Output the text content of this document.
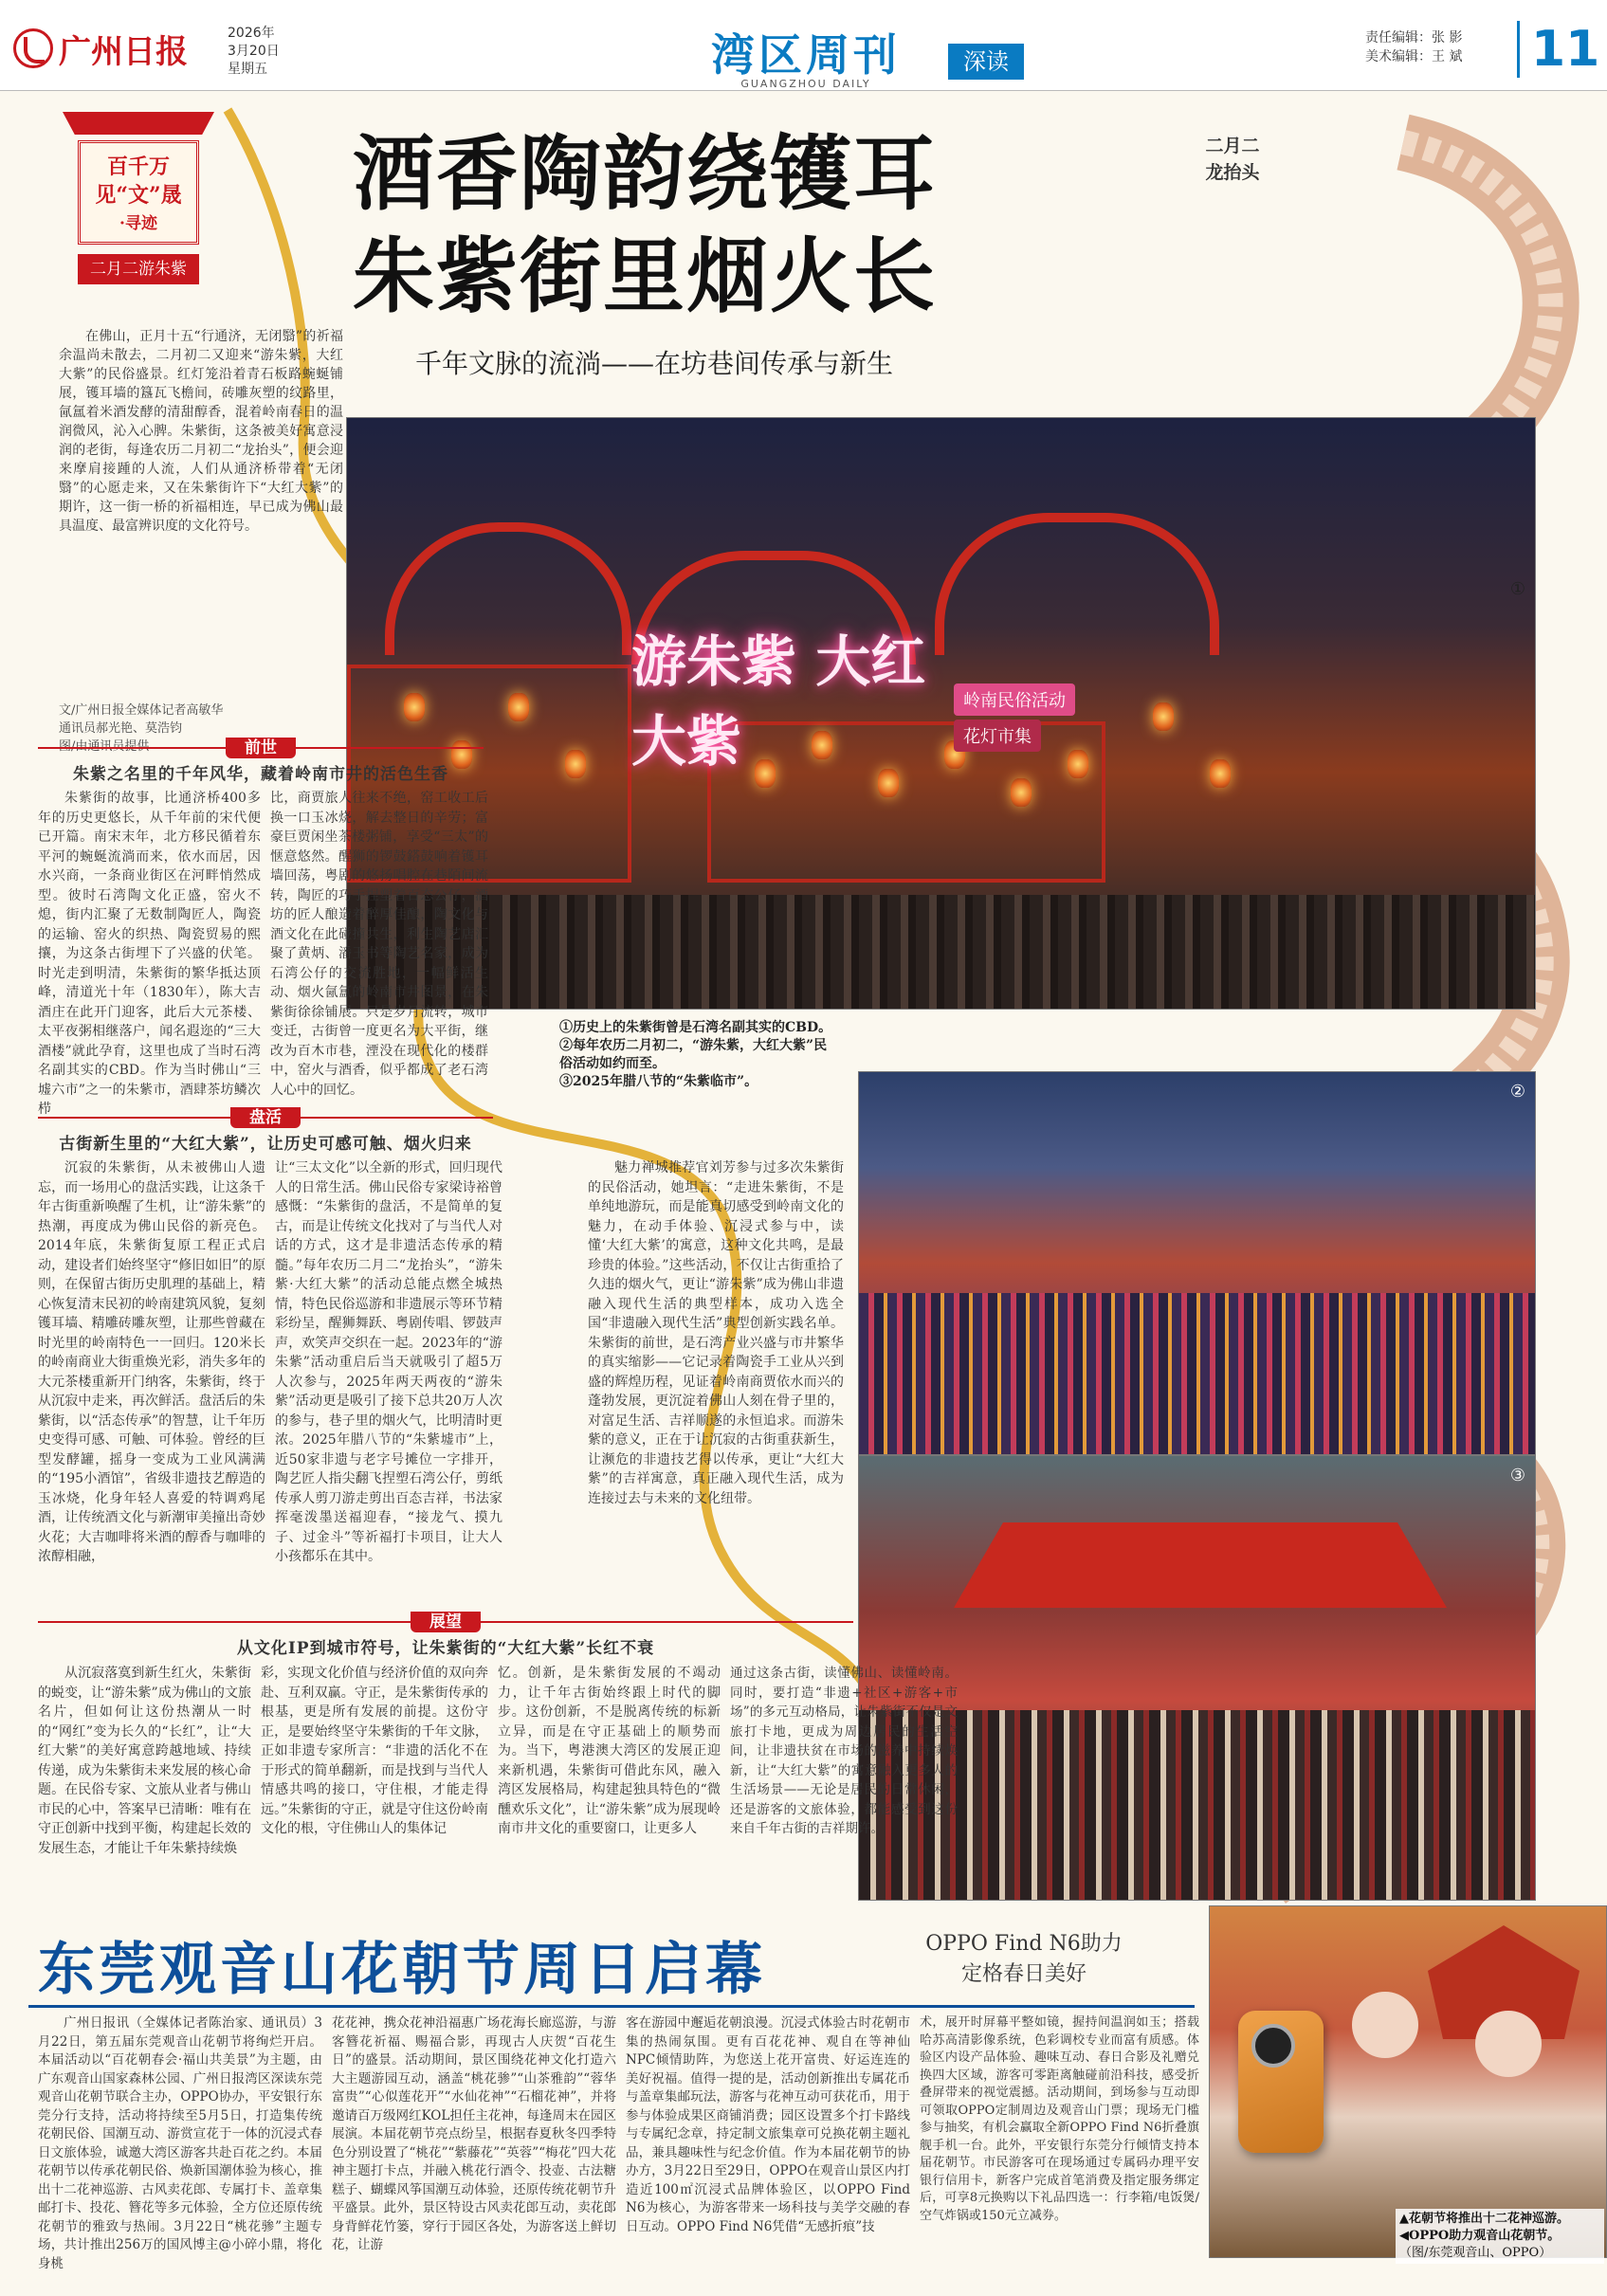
广州日报	2026年
3月20日
星期五	湾区周刊	深读
GUANGZHOU DAILY
责任编辑：张 影
美术编辑：王 斌	11
百千万
见“文”晟
·寻迹
二月二游朱紫
酒香陶韵绕镬耳
朱紫街里烟火长
千年文脉的流淌——在坊巷间传承与新生
二月二龙抬头
在佛山，正月十五“行通济，无闭翳”的祈福余温尚未散去，二月初二又迎来“游朱紫，大红大紫”的民俗盛景。红灯笼沿着青石板路蜿蜒铺展，镬耳墙的簋瓦飞檐间，砖雕灰塑的纹路里，氤氲着米酒发酵的清甜醇香，混着岭南春日的温润微风，沁入心脾。朱紫街，这条被美好寓意浸润的老街，每逢农历二月初二“龙抬头”，便会迎来摩肩接踵的人流，人们从通济桥带着“无闭翳”的心愿走来，又在朱紫街许下“大红大紫”的期许，这一街一桥的祈福相连，早已成为佛山最具温度、最富辨识度的文化符号。
文/广州日报全媒体记者高敏华
通讯员郝光艳、莫浩钧
游朱紫 大红大紫
岭南民俗活动
花灯市集
①
①历史上的朱紫街曾是石湾名副其实的CBD。
②每年农历二月初二，“游朱紫，大红大紫”民俗活动如约而至。
③2025年腊八节的“朱紫临市”。	②
③
前世
朱紫之名里的千年风华，藏着岭南市井的活色生香

朱紫街的故事，比通济桥400多年的历史更悠长，从千年前的宋代便已开篇。南宋末年，北方移民循着东平河的蜿蜒流淌而来，依水而居，因水兴商，一条商业街区在河畔悄然成型。彼时石湾陶文化正盛，窑火不熄，街内汇聚了无数制陶匠人，陶瓷的运输、窑火的织热、陶瓷贸易的熙攘，为这条古街埋下了兴盛的伏笔。时光走到明清，朱紫街的繁华抵达顶峰，清道光十年（1830年），陈大吉酒庄在此开门迎客，此后大元茶楼、太平夜粥相继落户，闻名遐迩的“三大酒楼”就此孕育，这里也成了当时石湾名副其实的CBD。作为当时佛山“三墟六市”之一的朱紫市，酒肆茶坊鳞次栉

比，商贾旅人往来不绝，窑工收工后换一口玉冰烧，解去整日的辛劳；富豪巨贾闲坐茶楼粥铺，享受“三太”的惬意悠然。醒狮的锣鼓鎝鼓响着镬耳墙回荡，粤剧的悠扬唱腔在巷陌间流转，陶匠的巧手捏塑着百态公仔，酒坊的匠人酿造着醉厚佳酿，陶文化与酒文化在此碰撞共生，利生陶艺店汇聚了黄炳、潘玉书等陶艺名家，成为石湾公仔的交流胜地，一幅鲜活生动、烟火氤氲的岭南市井图景，在朱紫街徐徐铺展。只是岁月流转，城市变迁，古街曾一度更名为大平街，继改为百木市巷，湮没在现代化的楼群中，窑火与酒香，似乎都成了老石湾人心中的回忆。

盘活
古街新生里的“大红大紫”，让历史可感可触、烟火归来

沉寂的朱紫街，从未被佛山人遗忘，而一场用心的盘活实践，让这条千年古街重新唤醒了生机，让“游朱紫”的热潮，再度成为佛山民俗的新亮色。2014年底，朱紫街复原工程正式启动，建设者们始终坚守“修旧如旧”的原则，在保留古街历史肌理的基础上，精心恢复清末民初的岭南建筑风貌，复刻镬耳墙、精雕砖雕灰塑，让那些曾藏在时光里的岭南特色一一回归。120米长的岭南商业大街重焕光彩，消失多年的大元茶楼重新开门纳客，朱紫街，终于从沉寂中走来，再次鲜活。盘活后的朱紫街，以“活态传承”的智慧，让千年历史变得可感、可触、可体验。曾经的巨型发酵罐，摇身一变成为工业风满满的“195小酒馆”，省级非遗技艺醇造的玉冰烧，化身年轻人喜爱的特调鸡尾酒，让传统酒文化与新潮审美撞出奇妙火花；大吉咖啡将米酒的醇香与咖啡的浓醇相融，

让“三太文化”以全新的形式，回归现代人的日常生活。佛山民俗专家梁诗裕曾感慨：“朱紫街的盘活，不是简单的复古，而是让传统文化找对了与当代人对话的方式，这才是非遗活态传承的精髓。”每年农历二月二“龙抬头”，“游朱紫·大红大紫”的活动总能点燃全城热情，特色民俗巡游和非遗展示等环节精彩纷呈，醒狮舞跃、粤剧传唱、锣鼓声声，欢笑声交织在一起。2023年的“游朱紫”活动重启后当天就吸引了超5万人次参与，2025年两天两夜的“游朱紫”活动更是吸引了接下总共20万人次的参与，巷子里的烟火气，比明清时更浓。2025年腊八节的“朱紫墟市”上，近50家非遗与老字号摊位一字排开，陶艺匠人指尖翻飞捏塑石湾公仔，剪纸传承人剪刀游走剪出百态吉祥，书法家挥毫泼墨送福迎春，“接龙气、摸九子、过金斗”等祈福打卡项目，让大人小孩都乐在其中。

魅力禅城推荐官刘芳参与过多次朱紫街的民俗活动，她坦言：“走进朱紫街，不是单纯地游玩，而是能真切感受到岭南文化的魅力，在动手体验、沉浸式参与中，读懂‘大红大紫’的寓意，这种文化共鸣，是最珍贵的体验。”这些活动，不仅让古街重拾了久违的烟火气，更让“游朱紫”成为佛山非遗融入现代生活的典型样本，成功入选全国“非遗融入现代生活”典型创新实践名单。朱紫街的前世，是石湾产业兴盛与市井繁华的真实缩影——它记录着陶瓷手工业从兴到盛的辉煌历程，见证着岭南商贾依水而兴的蓬勃发展，更沉淀着佛山人刻在骨子里的，对富足生活、吉祥顺遂的永恒追求。而游朱紫的意义，正在于让沉寂的古街重获新生，让濒危的非遗技艺得以传承，更让“大红大紫”的吉祥寓意，真正融入现代生活，成为连接过去与未来的文化纽带。

展望
从文化IP到城市符号，让朱紫街的“大红大紫”长红不衰

从沉寂落寞到新生红火，朱紫街的蜕变，让“游朱紫”成为佛山的文旅名片，但如何让这份热潮从一时的“网红”变为长久的“长红”，让“大红大紫”的美好寓意跨越地域、持续传递，成为朱紫街未来发展的核心命题。在民俗专家、文旅从业者与佛山市民的心中，答案早已清晰：唯有在守正创新中找到平衡，构建起长效的发展生态，才能让千年朱紫持续焕

彩，实现文化价值与经济价值的双向奔赴、互利双赢。守正，是朱紫街传承的根基，更是所有发展的前提。这份守正，是要始终坚守朱紫街的千年文脉，正如非遗专家所言：“非遗的活化不在于形式的简单翻新，而是找到与当代人情感共鸣的接口，守住根，才能走得远。”朱紫街的守正，就是守住这份岭南文化的根，守住佛山人的集体记

忆。创新，是朱紫街发展的不竭动力，让千年古街始终跟上时代的脚步。这份创新，不是脱离传统的标新立异，而是在守正基础上的顺势而为。当下，粤港澳大湾区的发展正迎来新机遇，朱紫街可借此东风，融入湾区发展格局，构建起独具特色的“微醺欢乐文化”，让“游朱紫”成为展现岭南市井文化的重要窗口，让更多人

通过这条古街，读懂佛山、读懂岭南。同时，要打造“非遗+社区+游客+市场”的多元互动格局，让朱紫街不仅是文旅打卡地，更成为周边居民的生活空间，让非遗扶贫在市场的滋养中持续焕新，让“大红大紫”的寓意融入更多人的生活场景——无论是居民的日常休闲，还是游客的文旅体验，都能感受到这份来自千年古街的吉祥期许。

东莞观音山花朝节周日启幕	OPPO Find N6助力
定格春日美好

广州日报讯（全媒体记者陈治家、通讯员）3月22日，第五届东莞观音山花朝节将绚烂开启。本届活动以“百花朝春会·福山共美景”为主题，由广东观音山国家森林公园、广州日报湾区深读东莞观音山花朝节联合主办，OPPO协办，平安银行东莞分行支持，活动将持续至5月5日，打造集传统花朝民俗、国潮互动、游赏宣花于一体的沉浸式春日文旅体验，诚邀大湾区游客共赴百花之约。本届花朝节以传承花朝民俗、焕新国潮体验为核心，推出十二花神巡游、古风卖花郎、专属打卡、盖章集邮打卡、投花、簪花等多元体验，全方位还原传统花朝节的雅致与热闹。3月22日“桃花骖”主题专场，共计推出256万的国风博主@小碎小鼎，将化身桃

花花神，携众花神沿福惠广场花海长廊巡游，与游客簪花祈福、赐福合影，再现古人庆贺“百花生日”的盛景。活动期间，景区围绕花神文化打造六大主题游园互动，涵盖“桃花骖”“山茶雅韵”“蓉华富贵”“心似莲花开”“水仙花神”“石榴花神”，并将邀请百万级网红KOL担任主花神，每逢周末在园区展演。本届花朝节亮点纷呈，根据春夏秋冬四季特色分别设置了“桃花”“紫藤花”“英蓉”“梅花”四大花神主题打卡点，并融入桃花行酒令、投壶、古法糖糕子、蝴蝶风筝国潮互动体验，还原传统花朝节升平盛景。此外，景区特设古风卖花郎互动，卖花郎身背鲜花竹篓，穿行于园区各处，为游客送上鲜切花，让游

客在游园中邂逅花朝浪漫。沉浸式体验古时花朝市集的热闹氛围。更有百花花神、观自在等神仙NPC倾情助阵，为您送上花开富贵、好运连连的美好祝福。值得一提的是，活动创新推出专属花币与盖章集邮玩法，游客与花神互动可获花币，用于参与体验成果区商铺消费；园区设置多个打卡路线与专属纪念章，持定制文旅集章可兑换花朝主题礼品，兼具趣味性与纪念价值。作为本届花朝节的协办方，3月22日至29日，OPPO在观音山景区内打造近100㎡沉浸式品牌体验区，以OPPO Find N6为核心，为游客带来一场科技与美学交融的春日互动。OPPO Find N6凭借“无感折痕”技

术，展开时屏幕平整如镜，握持间温润如玉；搭载哈苏高清影像系统，色彩调校专业而富有质感。体验区内设产品体验、趣味互动、春日合影及礼赠兑换四大区域，游客可零距离触碰前沿科技，感受折叠屏带来的视觉震撼。活动期间，到场参与互动即可领取OPPO定制周边及观音山门票；现场无门槛参与抽奖，有机会赢取全新OPPO Find N6折叠旗舰手机一台。此外，平安银行东莞分行倾情支持本届花朝节。市民游客可在现场通过专属码办理平安银行信用卡，新客户完成首笔消费及指定服务绑定后，可享8元换购以下礼品四选一：行李箱/电饭煲/空气炸锅或150元立减券。	▲花朝节将推出十二花神巡游。
◀OPPO助力观音山花朝节。
（图/东莞观音山、OPPO）
